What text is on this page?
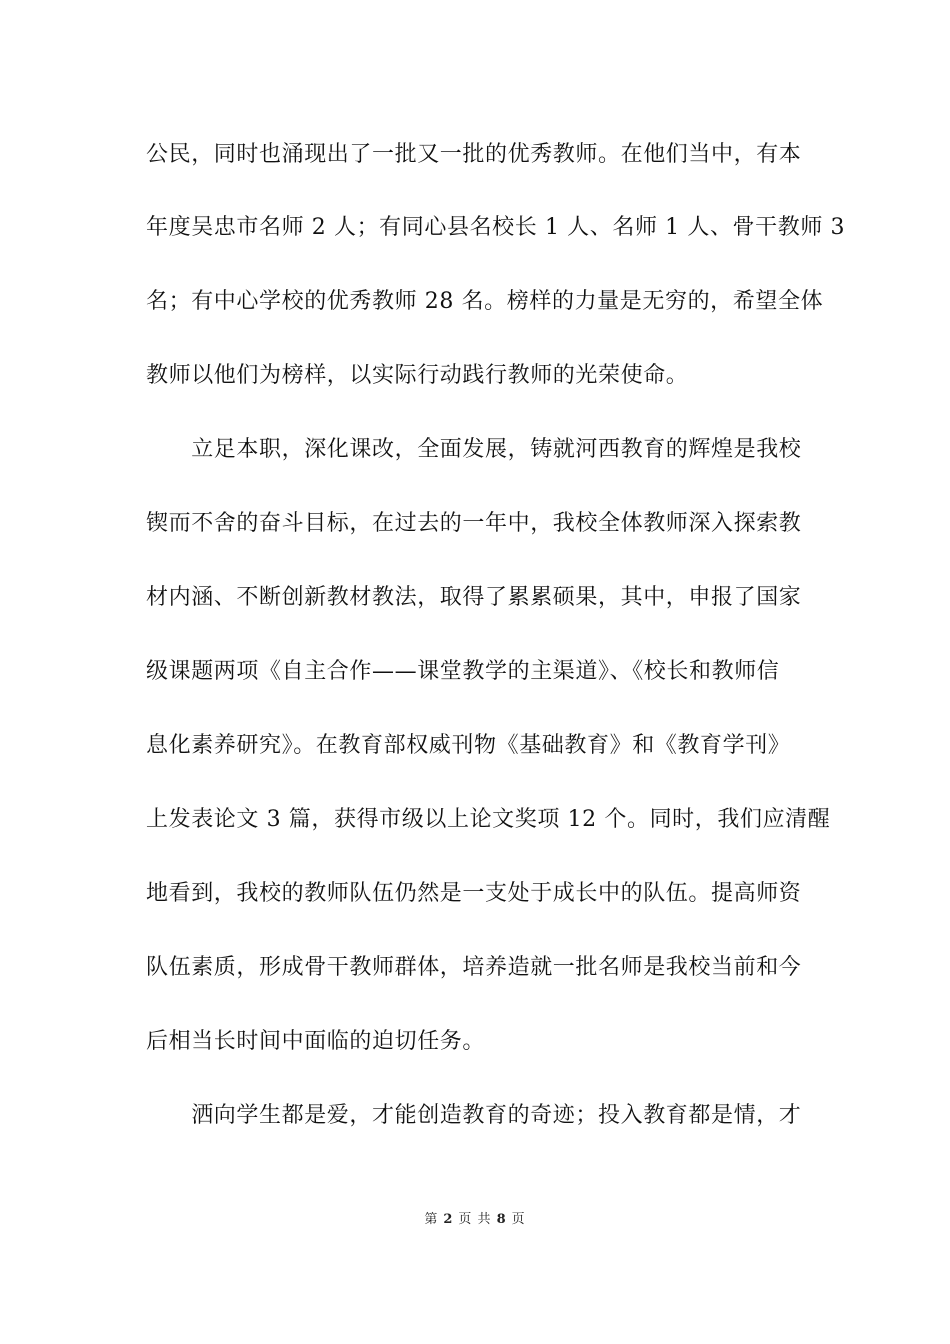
公民，同时也涌现出了一批又一批的优秀教师。在他们当中，有本
年度吴忠市名师 2 人；有同心县名校长 1 人、名师 1 人、骨干教师 3
名；有中心学校的优秀教师 28 名。榜样的力量是无穷的，希望全体
教师以他们为榜样，以实际行动践行教师的光荣使命。
　　立足本职，深化课改，全面发展，铸就河西教育的辉煌是我校
锲而不舍的奋斗目标，在过去的一年中，我校全体教师深入探索教
材内涵、不断创新教材教法，取得了累累硕果，其中，申报了国家
级课题两项《自主合作——课堂教学的主渠道》、《校长和教师信
息化素养研究》。在教育部权威刊物《基础教育》和《教育学刊》
上发表论文 3 篇，获得市级以上论文奖项 12 个。同时，我们应清醒
地看到，我校的教师队伍仍然是一支处于成长中的队伍。提高师资
队伍素质，形成骨干教师群体，培养造就一批名师是我校当前和今
后相当长时间中面临的迫切任务。
　　洒向学生都是爱，才能创造教育的奇迹；投入教育都是情，才
第 2 页 共 8 页
